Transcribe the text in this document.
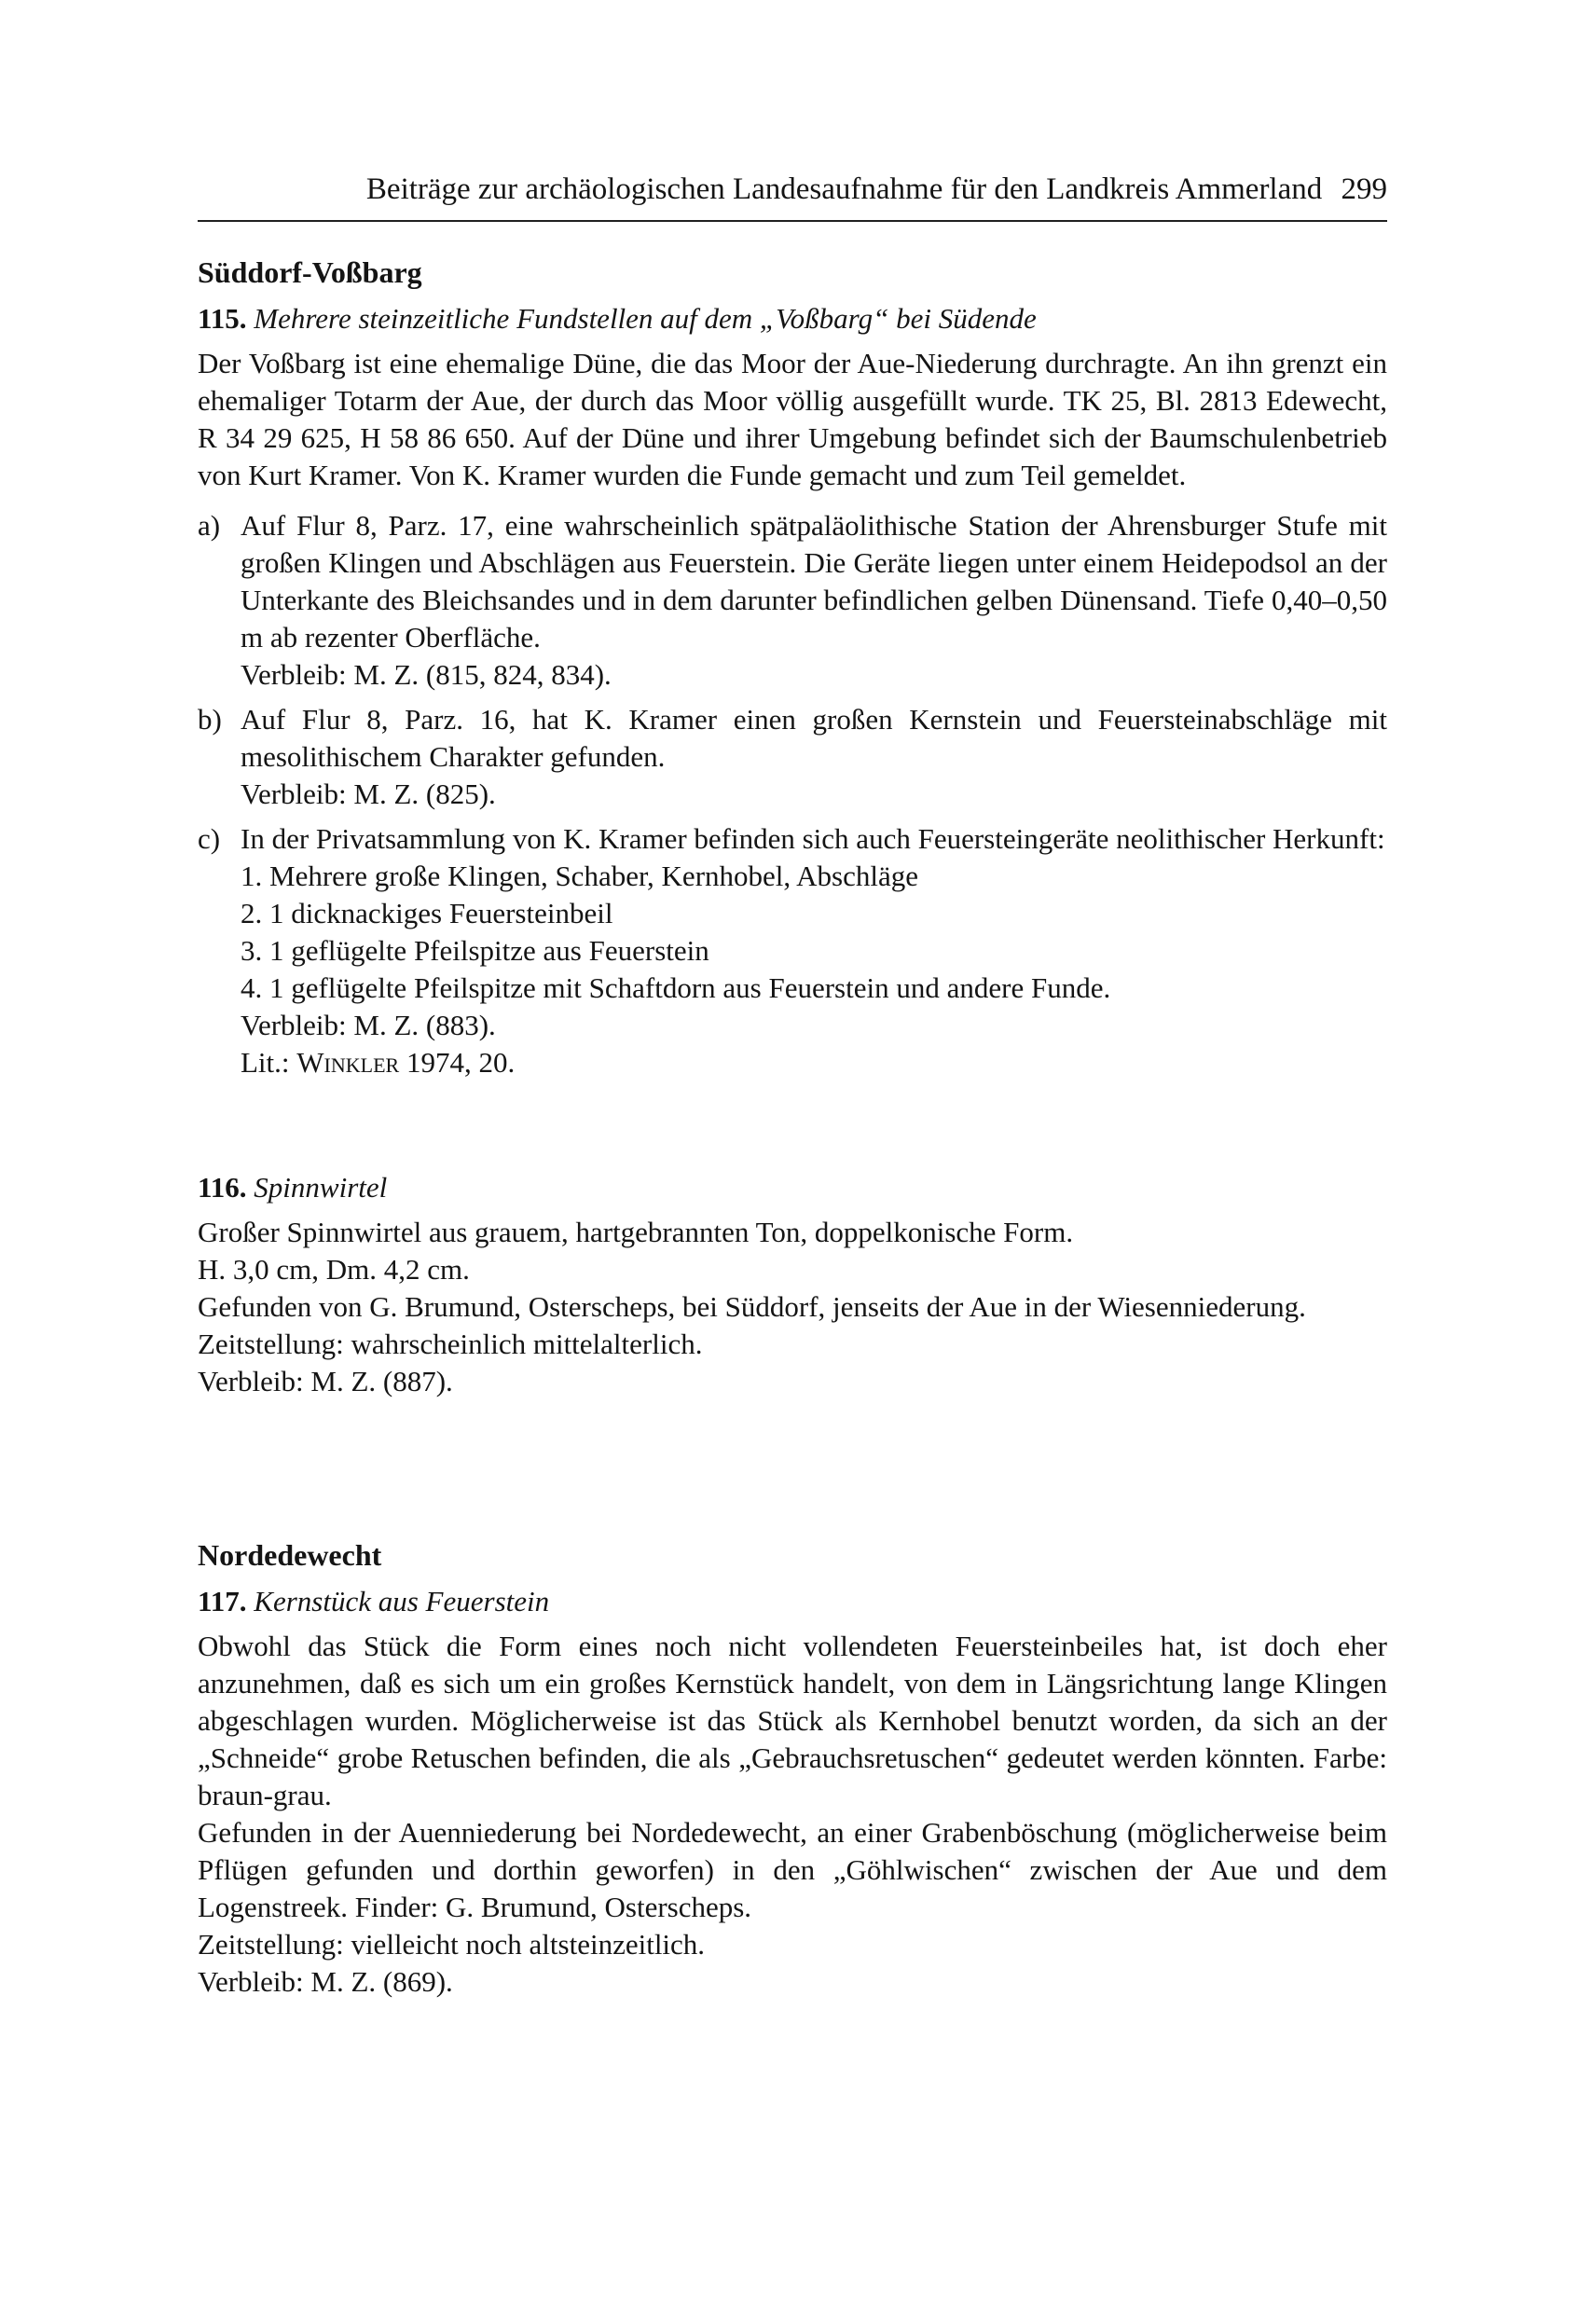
Beiträge zur archäologischen Landesaufnahme für den Landkreis Ammerland 299
Süddorf-Voßbarg
115. Mehrere steinzeitliche Fundstellen auf dem „Voßbarg“ bei Südende

Der Voßbarg ist eine ehemalige Düne, die das Moor der Aue-Niederung durchragte. An ihn grenzt ein ehemaliger Totarm der Aue, der durch das Moor völlig ausgefüllt wurde. TK 25, Bl. 2813 Edewecht, R 34 29 625, H 58 86 650. Auf der Düne und ihrer Umgebung befindet sich der Baumschulenbetrieb von Kurt Kramer. Von K. Kramer wurden die Funde gemacht und zum Teil gemeldet.

a) Auf Flur 8, Parz. 17, eine wahrscheinlich spätpaläolithische Station der Ahrensburger Stufe mit großen Klingen und Abschlägen aus Feuerstein. Die Geräte liegen unter einem Heidepodsol an der Unterkante des Bleichsandes und in dem darunter befindlichen gelben Dünensand. Tiefe 0,40–0,50 m ab rezenter Oberfläche.

Verbleib: M. Z. (815, 824, 834).
b) Auf Flur 8, Parz. 16, hat K. Kramer einen großen Kernstein und Feuersteinabschläge mit mesolithischem Charakter gefunden.

Verbleib: M. Z. (825).
c) In der Privatsammlung von K. Kramer befinden sich auch Feuersteingeräte neolithischer Herkunft:

1. Mehrere große Klingen, Schaber, Kernhobel, Abschläge
2. 1 dicknackiges Feuersteinbeil
3. 1 geflügelte Pfeilspitze aus Feuerstein
4. 1 geflügelte Pfeilspitze mit Schaftdorn aus Feuerstein und andere Funde.
Verbleib: M. Z. (883).
Lit.: Winkler 1974, 20.
116. Spinnwirtel

Großer Spinnwirtel aus grauem, hartgebrannten Ton, doppelkonische Form.

H. 3,0 cm, Dm. 4,2 cm.

Gefunden von G. Brumund, Osterscheps, bei Süddorf, jenseits der Aue in der Wiesenniederung.

Zeitstellung: wahrscheinlich mittelalterlich.

Verbleib: M. Z. (887).

Nordedewecht
117. Kernstück aus Feuerstein

Obwohl das Stück die Form eines noch nicht vollendeten Feuersteinbeiles hat, ist doch eher anzunehmen, daß es sich um ein großes Kernstück handelt, von dem in Längsrichtung lange Klingen abgeschlagen wurden. Möglicherweise ist das Stück als Kernhobel benutzt worden, da sich an der „Schneide“ grobe Retuschen befinden, die als „Gebrauchsretuschen“ gedeutet werden könnten. Farbe: braun-grau.

Gefunden in der Auenniederung bei Nordedewecht, an einer Grabenböschung (möglicherweise beim Pflügen gefunden und dorthin geworfen) in den „Göhlwischen“ zwischen der Aue und dem Logenstreek. Finder: G. Brumund, Osterscheps.

Zeitstellung: vielleicht noch altsteinzeitlich.

Verbleib: M. Z. (869).
